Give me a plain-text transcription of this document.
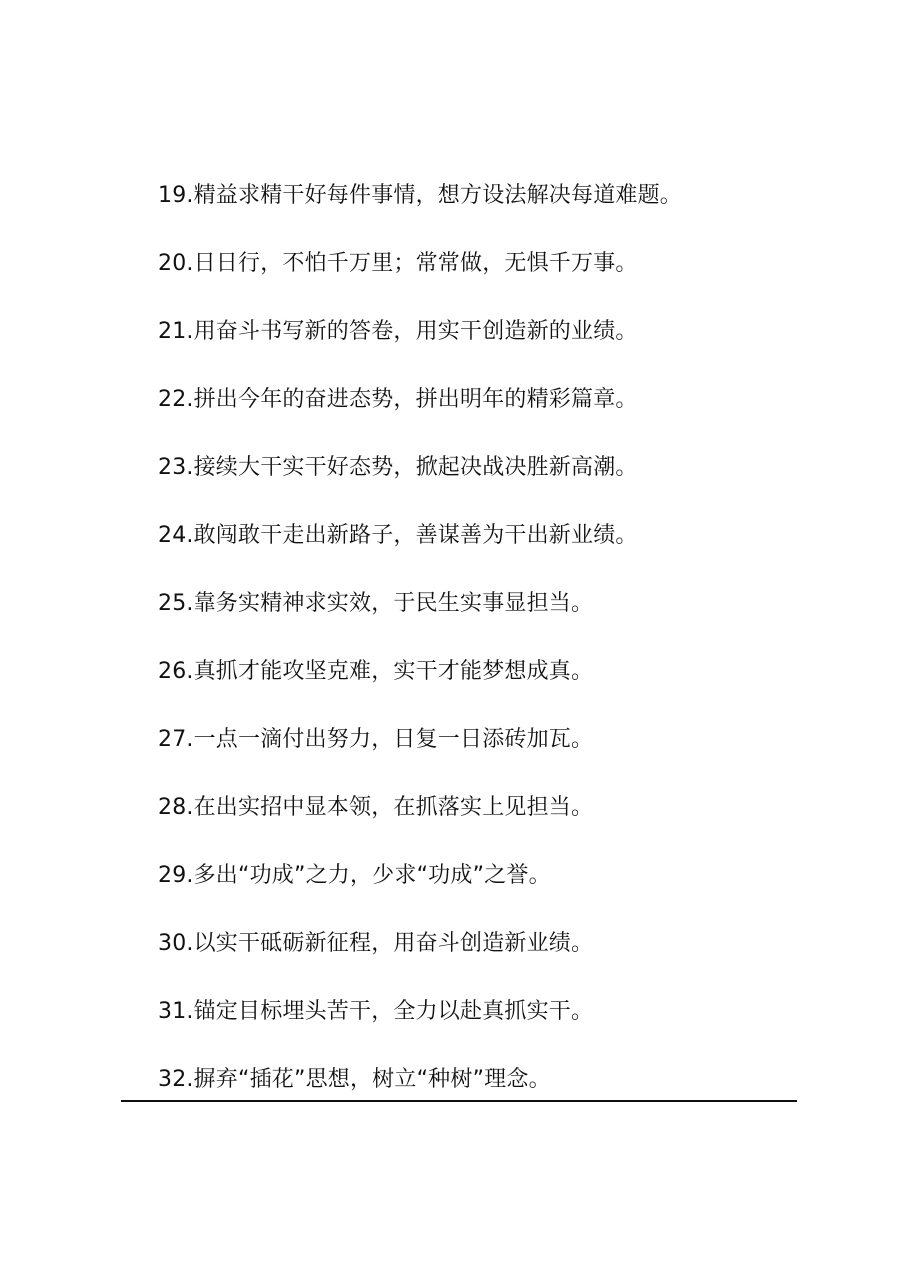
19.精益求精干好每件事情，想方设法解决每道难题。
20.日日行，不怕千万里；常常做，无惧千万事。
21.用奋斗书写新的答卷，用实干创造新的业绩。
22.拼出今年的奋进态势，拼出明年的精彩篇章。
23.接续大干实干好态势，掀起决战决胜新高潮。
24.敢闯敢干走出新路子，善谋善为干出新业绩。
25.靠务实精神求实效，于民生实事显担当。
26.真抓才能攻坚克难，实干才能梦想成真。
27.一点一滴付出努力，日复一日添砖加瓦。
28.在出实招中显本领，在抓落实上见担当。
29.多出“功成”之力，少求“功成”之誉。
30.以实干砥砺新征程，用奋斗创造新业绩。
31.锚定目标埋头苦干，全力以赴真抓实干。
32.摒弃“插花”思想，树立“种树”理念。
